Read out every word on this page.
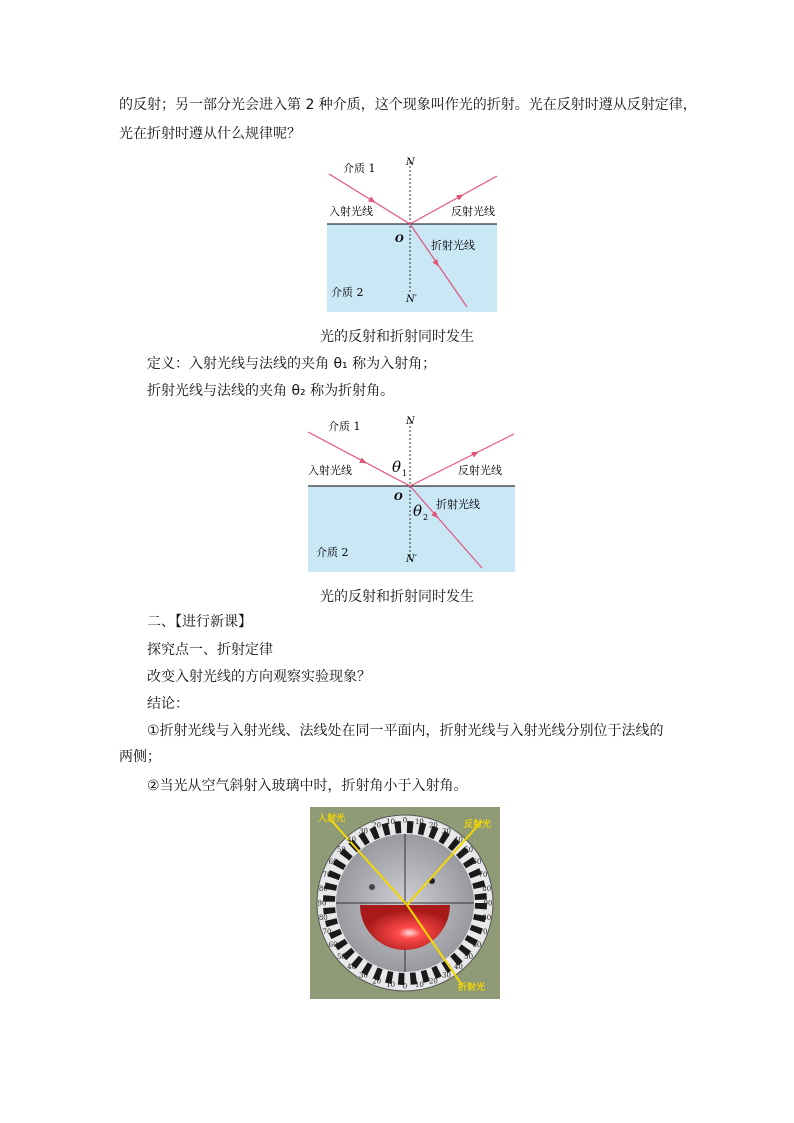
的反射；另一部分光会进入第 2 种介质，这个现象叫作光的折射。光在反射时遵从反射定律，
光在折射时遵从什么规律呢？
介质 1
入射光线	反射光线
折射光线
N
O
N′
介质 2
光的反射和折射同时发生
定义：入射光线与法线的夹角 θ₁ 称为入射角；
折射光线与法线的夹角 θ₂ 称为折射角。
介质 1
入射光线	反射光线
折射光线
N
O
N′
介质 2
θ 1
θ 2
光的反射和折射同时发生
二、【进行新课】
探究点一、折射定律
改变入射光线的方向观察实验现象？
结论：
①折射光线与入射光线、法线处在同一平面内，折射光线与入射光线分别位于法线的
两侧；
②当光从空气斜射入玻璃中时，折射角小于入射角。
入射光
反射光
折射光
0 10 20
30
40
50
60
70
80
90
10 20
30
40
50
60
70
80
0
10
20
30
40
50
60
70
80
90
10
20
30
40
50
60
70
80
